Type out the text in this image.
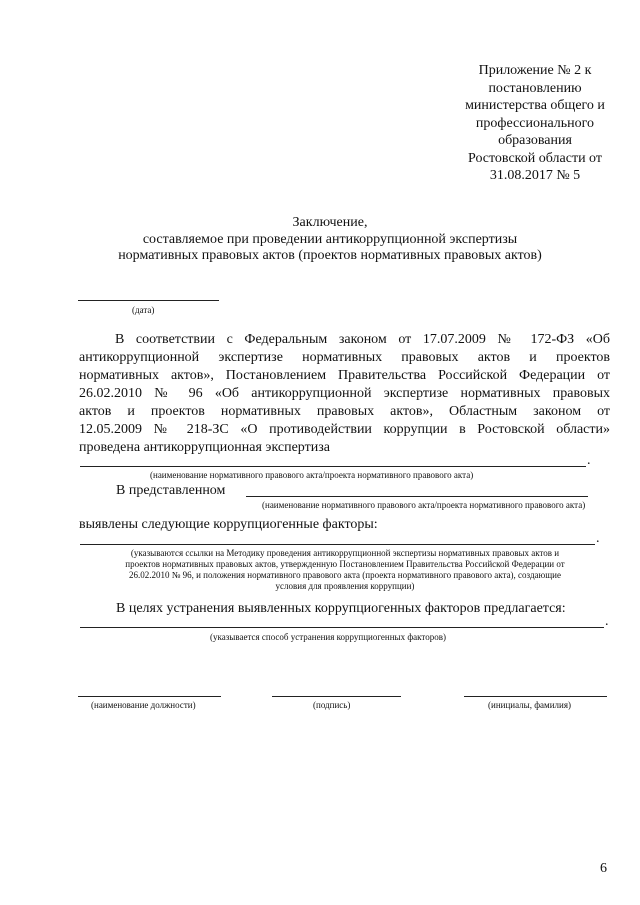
Приложение № 2 к
постановлению
министерства общего и
профессионального
образования
Ростовской области от
31.08.2017 № 5
Заключение,
составляемое при проведении антикоррупционной экспертизы
нормативных правовых актов (проектов нормативных правовых актов)
(дата)
В соответствии с Федеральным законом от 17.07.2009 № 172-ФЗ «Об
антикоррупционной экспертизе нормативных правовых актов и проектов
нормативных актов», Постановлением Правительства Российской Федерации от
26.02.2010 № 96 «Об антикоррупционной экспертизе нормативных правовых
актов и проектов нормативных правовых актов», Областным законом от
12.05.2009 № 218-ЗС «О противодействии коррупции в Ростовской области»
проведена антикоррупционная экспертиза
.
(наименование нормативного правового акта/проекта нормативного правового акта)
В представленном
(наименование нормативного правового акта/проекта нормативного правового акта)
выявлены следующие коррупциогенные факторы:
.
(указываются ссылки на Методику проведения антикоррупционной экспертизы нормативных правовых актов и
проектов нормативных правовых актов, утвержденную Постановлением Правительства Российской Федерации от
26.02.2010 № 96, и положения нормативного правового акта (проекта нормативного правового акта), создающие
условия для проявления коррупции)
В целях устранения выявленных коррупциогенных факторов предлагается:
.
(указывается способ устранения коррупциогенных факторов)
(наименование должности)	(подпись)	(инициалы, фамилия)
6
